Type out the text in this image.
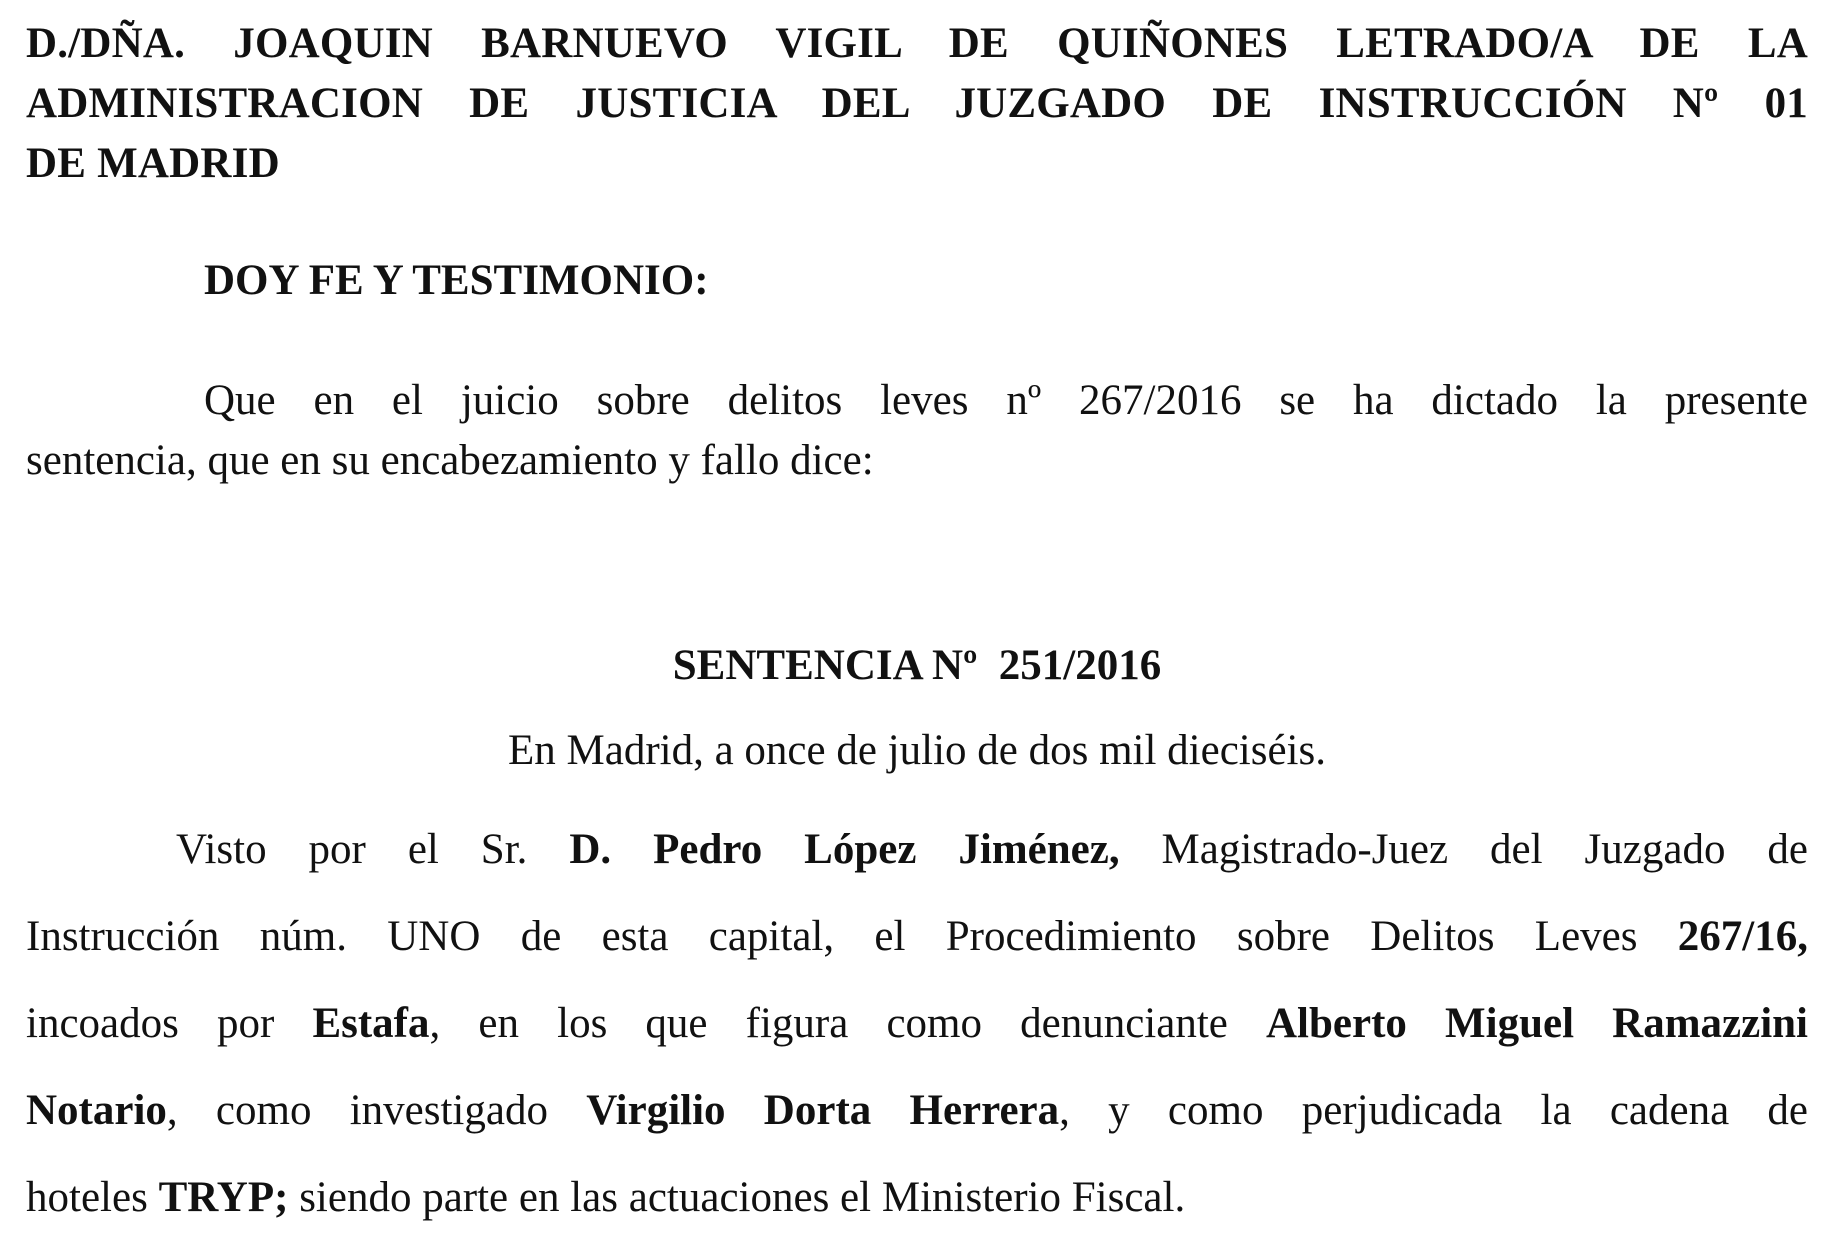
D./DÑA. JOAQUIN BARNUEVO VIGIL DE QUIÑONES LETRADO/A DE LA
ADMINISTRACION DE JUSTICIA DEL JUZGADO DE INSTRUCCIÓN Nº 01
DE MADRID

DOY FE Y TESTIMONIO:

Que en el juicio sobre delitos leves nº 267/2016 se ha dictado la presente
sentencia, que en su encabezamiento y fallo dice:

SENTENCIA Nº  251/2016

En Madrid, a once de julio de dos mil dieciséis.

Visto por el Sr. D. Pedro López Jiménez, Magistrado-Juez del Juzgado de
Instrucción núm. UNO de esta capital, el Procedimiento sobre Delitos Leves 267/16,
incoados por Estafa, en los que figura como denunciante Alberto Miguel Ramazzini
Notario, como investigado Virgilio Dorta Herrera, y como perjudicada la cadena de
hoteles TRYP; siendo parte en las actuaciones el Ministerio Fiscal.
